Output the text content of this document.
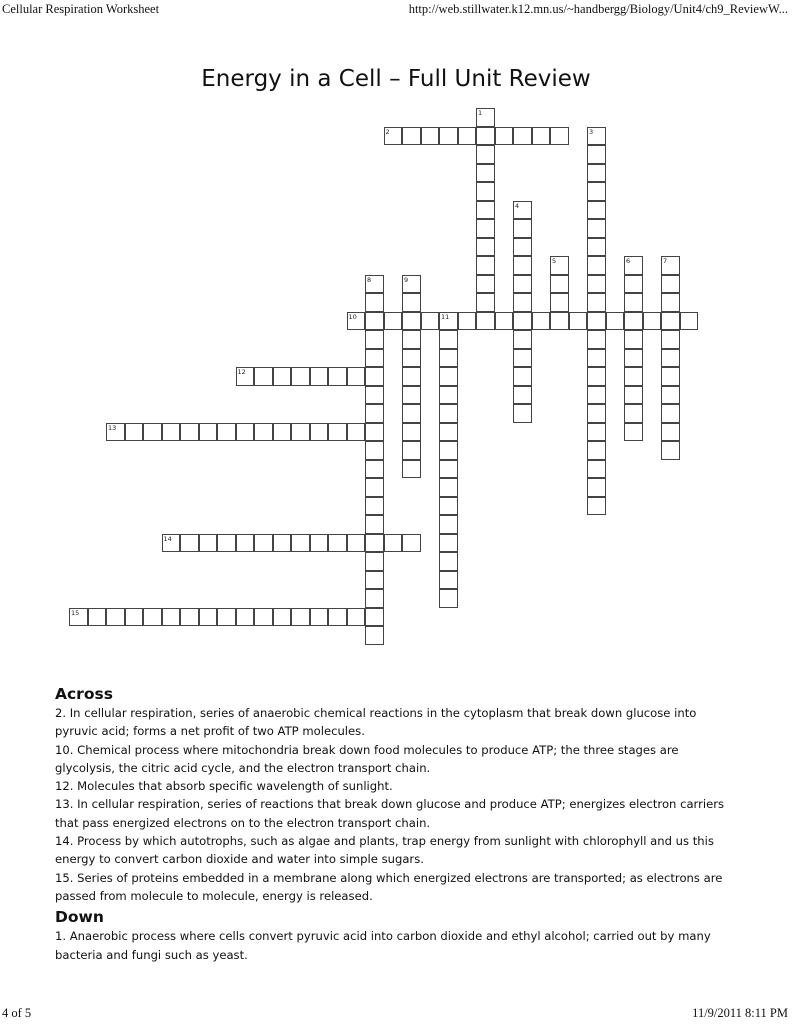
Cellular Respiration Worksheet	http://web.stillwater.k12.mn.us/~handbergg/Biology/Unit4/ch9_ReviewW...
Energy in a Cell – Full Unit Review
1
2	3
4
5	6	7
8	9
10	11
12
13
14
15
Across

2. In cellular respiration, series of anaerobic chemical reactions in the cytoplasm that break down glucose into pyruvic acid; forms a net profit of two ATP molecules.

10. Chemical process where mitochondria break down food molecules to produce ATP; the three stages are glycolysis, the citric acid cycle, and the electron transport chain.

12. Molecules that absorb specific wavelength of sunlight.

13. In cellular respiration, series of reactions that break down glucose and produce ATP; energizes electron carriers that pass energized electrons on to the electron transport chain.

14. Process by which autotrophs, such as algae and plants, trap energy from sunlight with chlorophyll and us this energy to convert carbon dioxide and water into simple sugars.

15. Series of proteins embedded in a membrane along which energized electrons are transported; as electrons are passed from molecule to molecule, energy is released.

Down

1. Anaerobic process where cells convert pyruvic acid into carbon dioxide and ethyl alcohol; carried out by many bacteria and fungi such as yeast.

4 of 5	11/9/2011 8:11 PM
